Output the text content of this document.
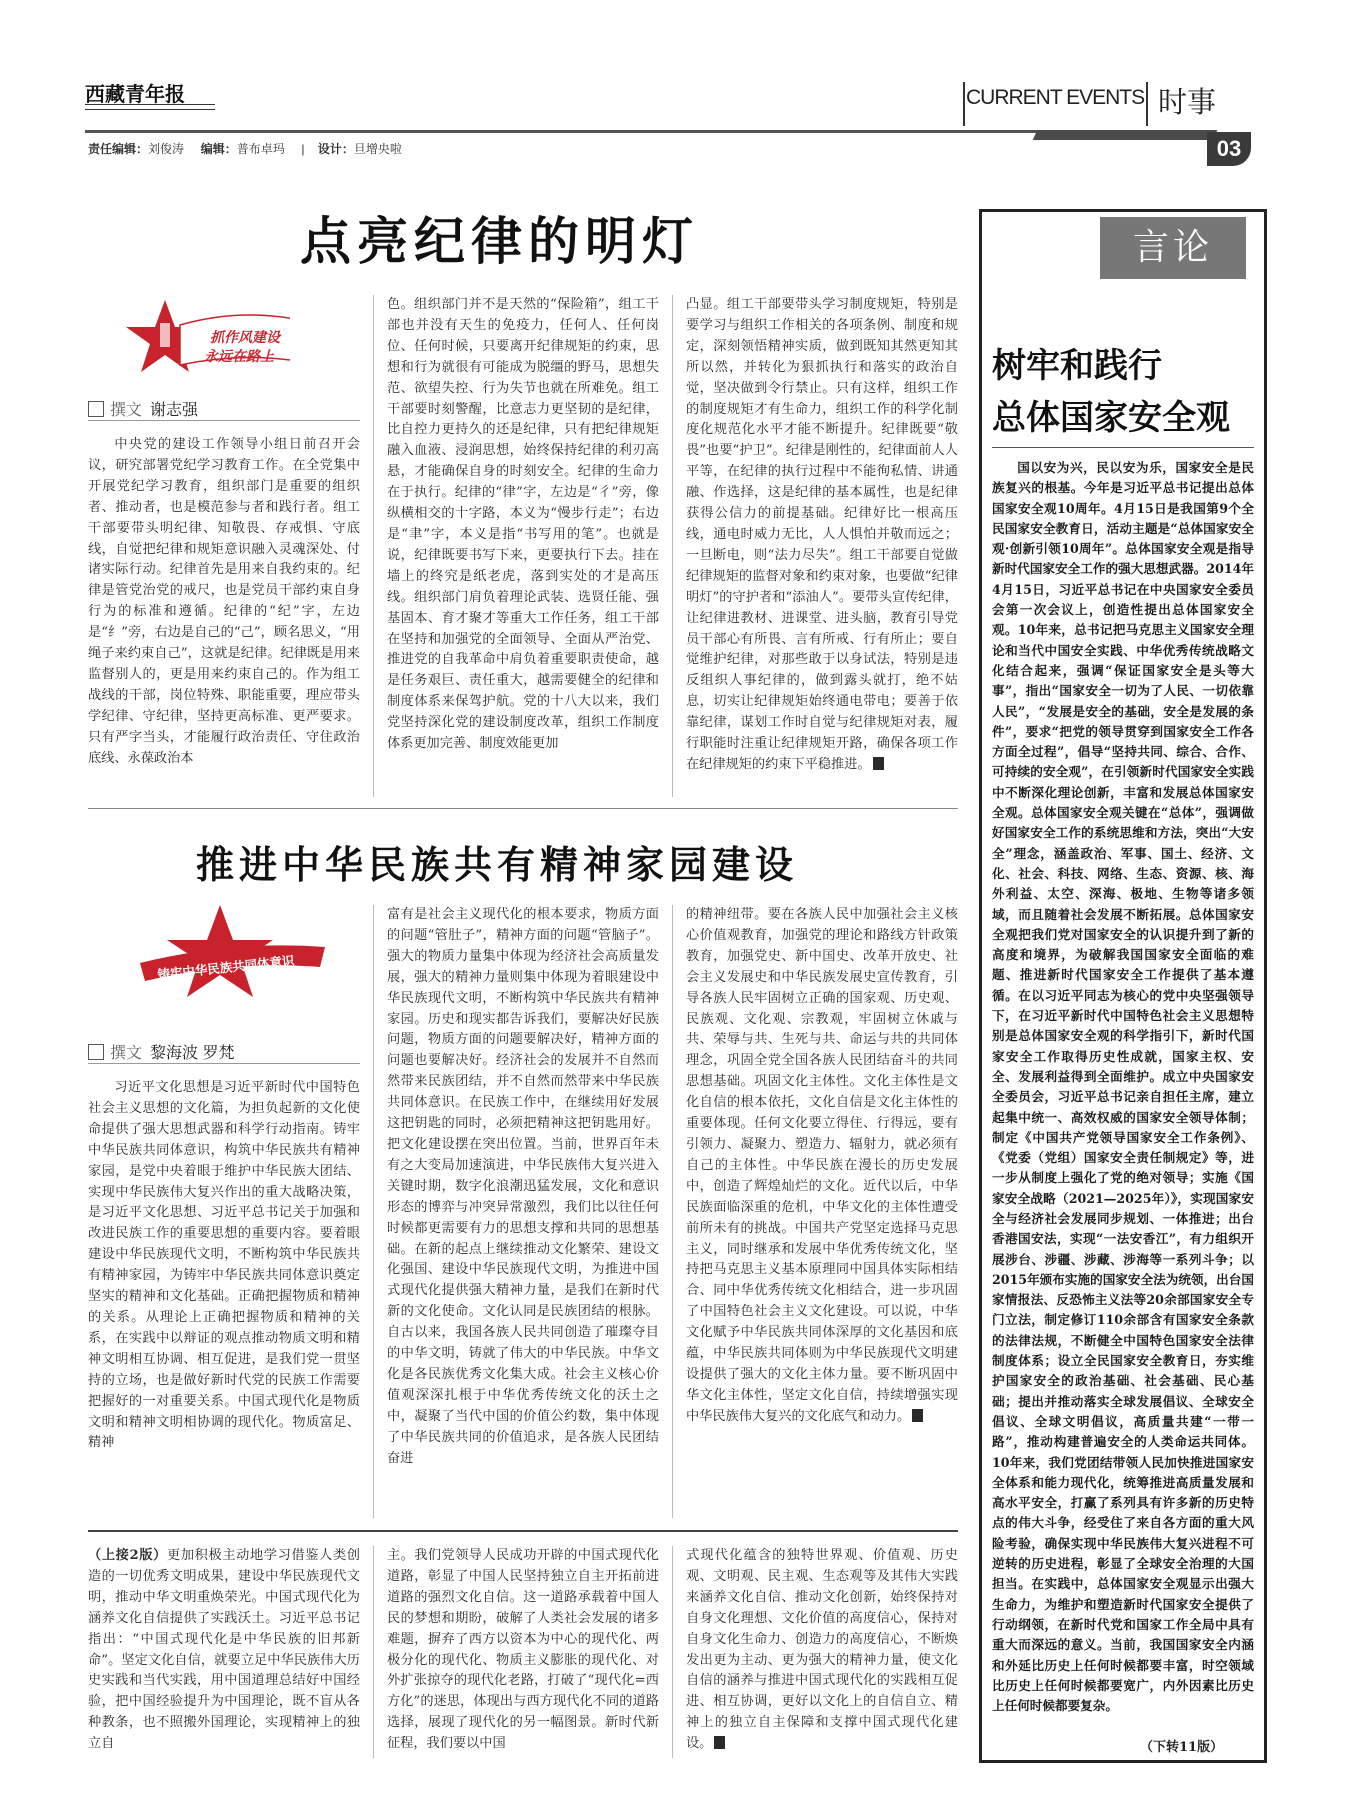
西藏青年报	CURRENT EVENTS 时事
03
责任编辑：刘俊涛 编辑：普布卓玛     |    设计：旦增央啦
点亮纪律的明灯
抓作风建设
永远在路上
撰文 谢志强
中央党的建设工作领导小组日前召开会议，研究部署党纪学习教育工作。在全党集中开展党纪学习教育，组织部门是重要的组织者、推动者，也是模范参与者和践行者。组工干部要带头明纪律、知敬畏、存戒惧、守底线，自觉把纪律和规矩意识融入灵魂深处、付诸实际行动。纪律首先是用来自我约束的。纪律是管党治党的戒尺，也是党员干部约束自身行为的标准和遵循。纪律的“纪”字，左边是“纟”旁，右边是自己的“己”，顾名思义，“用绳子来约束自己”，这就是纪律。纪律既是用来监督别人的，更是用来约束自己的。作为组工战线的干部，岗位特殊、职能重要，理应带头学纪律、守纪律，坚持更高标准、更严要求。只有严字当头，才能履行政治责任、守住政治底线、永葆政治本
色。组织部门并不是天然的“保险箱”，组工干部也并没有天生的免疫力，任何人、任何岗位、任何时候，只要离开纪律规矩的约束，思想和行为就很有可能成为脱缰的野马，思想失范、欲望失控、行为失节也就在所难免。组工干部要时刻警醒，比意志力更坚韧的是纪律，比自控力更持久的还是纪律，只有把纪律规矩融入血液、浸润思想，始终保持纪律的利刃高悬，才能确保自身的时刻安全。纪律的生命力在于执行。纪律的“律”字，左边是“彳”旁，像纵横相交的十字路，本义为“慢步行走”；右边是“聿”字，本义是指“书写用的笔”。也就是说，纪律既要书写下来，更要执行下去。挂在墙上的终究是纸老虎，落到实处的才是高压线。组织部门肩负着理论武装、选贤任能、强基固本、育才聚才等重大工作任务，组工干部在坚持和加强党的全面领导、全面从严治党、推进党的自我革命中肩负着重要职责使命，越是任务艰巨、责任重大，越需要健全的纪律和制度体系来保驾护航。党的十八大以来，我们党坚持深化党的建设制度改革，组织工作制度体系更加完善、制度效能更加
凸显。组工干部要带头学习制度规矩，特别是要学习与组织工作相关的各项条例、制度和规定，深刻领悟精神实质，做到既知其然更知其所以然，并转化为狠抓执行和落实的政治自觉，坚决做到令行禁止。只有这样，组织工作的制度规矩才有生命力，组织工作的科学化制度化规范化水平才能不断提升。纪律既要“敬畏”也要“护卫”。纪律是刚性的，纪律面前人人平等，在纪律的执行过程中不能徇私情、讲通融、作选择，这是纪律的基本属性，也是纪律获得公信力的前提基础。纪律好比一根高压线，通电时威力无比，人人惧怕并敬而远之；一旦断电，则“法力尽失”。组工干部要自觉做纪律规矩的监督对象和约束对象，也要做“纪律明灯”的守护者和“添油人”。要带头宣传纪律，让纪律进教材、进课堂、进头脑，教育引导党员干部心有所畏、言有所戒、行有所止；要自觉维护纪律，对那些敢于以身试法，特别是违反组织人事纪律的，做到露头就打，绝不姑息，切实让纪律规矩始终通电带电；要善于依靠纪律，谋划工作时自觉与纪律规矩对表，履行职能时注重让纪律规矩开路，确保各项工作在纪律规矩的约束下平稳推进。
推进中华民族共有精神家园建设
铸牢中华民族共同体意识
撰文 黎海波 罗梵
习近平文化思想是习近平新时代中国特色社会主义思想的文化篇，为担负起新的文化使命提供了强大思想武器和科学行动指南。铸牢中华民族共同体意识，构筑中华民族共有精神家园，是党中央着眼于维护中华民族大团结、实现中华民族伟大复兴作出的重大战略决策，是习近平文化思想、习近平总书记关于加强和改进民族工作的重要思想的重要内容。要着眼建设中华民族现代文明，不断构筑中华民族共有精神家园，为铸牢中华民族共同体意识奠定坚实的精神和文化基础。正确把握物质和精神的关系。从理论上正确把握物质和精神的关系，在实践中以辩证的观点推动物质文明和精神文明相互协调、相互促进，是我们党一贯坚持的立场，也是做好新时代党的民族工作需要把握好的一对重要关系。中国式现代化是物质文明和精神文明相协调的现代化。物质富足、精神
富有是社会主义现代化的根本要求，物质方面的问题“管肚子”，精神方面的问题“管脑子”。强大的物质力量集中体现为经济社会高质量发展，强大的精神力量则集中体现为着眼建设中华民族现代文明，不断构筑中华民族共有精神家园。历史和现实都告诉我们，要解决好民族问题，物质方面的问题要解决好，精神方面的问题也要解决好。经济社会的发展并不自然而然带来民族团结，并不自然而然带来中华民族共同体意识。在民族工作中，在继续用好发展这把钥匙的同时，必须把精神这把钥匙用好。把文化建设摆在突出位置。当前，世界百年未有之大变局加速演进，中华民族伟大复兴进入关键时期，数字化浪潮迅猛发展，文化和意识形态的博弈与冲突异常激烈，我们比以往任何时候都更需要有力的思想支撑和共同的思想基础。在新的起点上继续推动文化繁荣、建设文化强国、建设中华民族现代文明，为推进中国式现代化提供强大精神力量，是我们在新时代新的文化使命。文化认同是民族团结的根脉。自古以来，我国各族人民共同创造了璀璨夺目的中华文明，铸就了伟大的中华民族。中华文化是各民族优秀文化集大成。社会主义核心价值观深深扎根于中华优秀传统文化的沃土之中，凝聚了当代中国的价值公约数，集中体现了中华民族共同的价值追求，是各族人民团结奋进
的精神纽带。要在各族人民中加强社会主义核心价值观教育，加强党的理论和路线方针政策教育，加强党史、新中国史、改革开放史、社会主义发展史和中华民族发展史宣传教育，引导各族人民牢固树立正确的国家观、历史观、民族观、文化观、宗教观，牢固树立休戚与共、荣辱与共、生死与共、命运与共的共同体理念，巩固全党全国各族人民团结奋斗的共同思想基础。巩固文化主体性。文化主体性是文化自信的根本依托，文化自信是文化主体性的重要体现。任何文化要立得住、行得远，要有引领力、凝聚力、塑造力、辐射力，就必须有自己的主体性。中华民族在漫长的历史发展中，创造了辉煌灿烂的文化。近代以后，中华民族面临深重的危机，中华文化的主体性遭受前所未有的挑战。中国共产党坚定选择马克思主义，同时继承和发展中华优秀传统文化，坚持把马克思主义基本原理同中国具体实际相结合、同中华优秀传统文化相结合，进一步巩固了中国特色社会主义文化建设。可以说，中华文化赋予中华民族共同体深厚的文化基因和底蕴，中华民族共同体则为中华民族现代文明建设提供了强大的文化主体力量。要不断巩固中华文化主体性，坚定文化自信，持续增强实现中华民族伟大复兴的文化底气和动力。
（上接2版）更加积极主动地学习借鉴人类创造的一切优秀文明成果，建设中华民族现代文明，推动中华文明重焕荣光。中国式现代化为涵养文化自信提供了实践沃土。习近平总书记指出：“中国式现代化是中华民族的旧邦新命”。坚定文化自信，就要立足中华民族伟大历史实践和当代实践，用中国道理总结好中国经验，把中国经验提升为中国理论，既不盲从各种教条，也不照搬外国理论，实现精神上的独立自
主。我们党领导人民成功开辟的中国式现代化道路，彰显了中国人民坚持独立自主开拓前进道路的强烈文化自信。这一道路承载着中国人民的梦想和期盼，破解了人类社会发展的诸多难题，摒弃了西方以资本为中心的现代化、两极分化的现代化、物质主义膨胀的现代化、对外扩张掠夺的现代化老路，打破了“现代化=西方化”的迷思，体现出与西方现代化不同的道路选择，展现了现代化的另一幅图景。新时代新征程，我们要以中国
式现代化蕴含的独特世界观、价值观、历史观、文明观、民主观、生态观等及其伟大实践来涵养文化自信、推动文化创新，始终保持对自身文化理想、文化价值的高度信心，保持对自身文化生命力、创造力的高度信心，不断焕发出更为主动、更为强大的精神力量，使文化自信的涵养与推进中国式现代化的实践相互促进、相互协调，更好以文化上的自信自立、精神上的独立自主保障和支撑中国式现代化建设。
言论
树牢和践行
总体国家安全观
国以安为兴，民以安为乐，国家安全是民族复兴的根基。今年是习近平总书记提出总体国家安全观10周年。4月15日是我国第9个全民国家安全教育日，活动主题是“总体国家安全观·创新引领10周年”。总体国家安全观是指导新时代国家安全工作的强大思想武器。2014年4月15日，习近平总书记在中央国家安全委员会第一次会议上，创造性提出总体国家安全观。10年来，总书记把马克思主义国家安全理论和当代中国安全实践、中华优秀传统战略文化结合起来，强调“保证国家安全是头等大事”，指出“国家安全一切为了人民、一切依靠人民”，“发展是安全的基础，安全是发展的条件”，要求“把党的领导贯穿到国家安全工作各方面全过程”，倡导“坚持共同、综合、合作、可持续的安全观”，在引领新时代国家安全实践中不断深化理论创新，丰富和发展总体国家安全观。总体国家安全观关键在“总体”，强调做好国家安全工作的系统思维和方法，突出“大安全”理念，涵盖政治、军事、国土、经济、文化、社会、科技、网络、生态、资源、核、海外利益、太空、深海、极地、生物等诸多领域，而且随着社会发展不断拓展。总体国家安全观把我们党对国家安全的认识提升到了新的高度和境界，为破解我国国家安全面临的难题、推进新时代国家安全工作提供了基本遵循。在以习近平同志为核心的党中央坚强领导下，在习近平新时代中国特色社会主义思想特别是总体国家安全观的科学指引下，新时代国家安全工作取得历史性成就，国家主权、安全、发展利益得到全面维护。成立中央国家安全委员会，习近平总书记亲自担任主席，建立起集中统一、高效权威的国家安全领导体制；制定《中国共产党领导国家安全工作条例》、《党委（党组）国家安全责任制规定》等，进一步从制度上强化了党的绝对领导；实施《国家安全战略（2021—2025年）》，实现国家安全与经济社会发展同步规划、一体推进；出台香港国安法，实现“一法安香江”，有力组织开展涉台、涉疆、涉藏、涉海等一系列斗争；以2015年颁布实施的国家安全法为统领，出台国家情报法、反恐怖主义法等20余部国家安全专门立法，制定修订110余部含有国家安全条款的法律法规，不断健全中国特色国家安全法律制度体系；设立全民国家安全教育日，夯实维护国家安全的政治基础、社会基础、民心基础；提出并推动落实全球发展倡议、全球安全倡议、全球文明倡议，高质量共建“一带一路”，推动构建普遍安全的人类命运共同体。10年来，我们党团结带领人民加快推进国家安全体系和能力现代化，统筹推进高质量发展和高水平安全，打赢了系列具有许多新的历史特点的伟大斗争，经受住了来自各方面的重大风险考验，确保实现中华民族伟大复兴进程不可逆转的历史进程，彰显了全球安全治理的大国担当。在实践中，总体国家安全观显示出强大生命力，为维护和塑造新时代国家安全提供了行动纲领，在新时代党和国家工作全局中具有重大而深远的意义。当前，我国国家安全内涵和外延比历史上任何时候都要丰富，时空领域比历史上任何时候都要宽广，内外因素比历史上任何时候都要复杂。
（下转11版）
